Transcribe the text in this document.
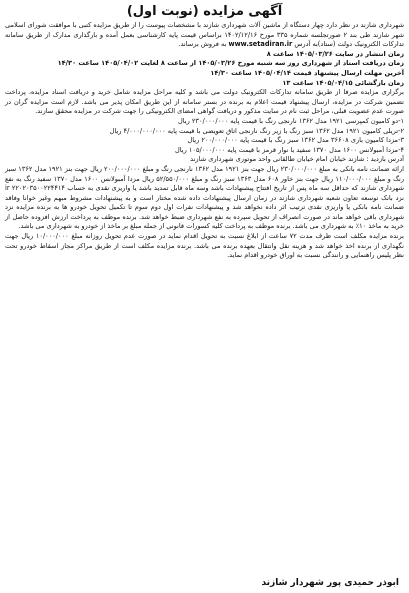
آگهی مزایده (نوبت اول)

شهرداری شازند در نظر دارد چهار دستگاه از ماشین آلات شهرداری شازند با مشخصات پیوست را از طریق مزایده کتبی با موافقت شورای اسلامی شهر شازند طی بند ۲ صورتجلسه شماره ۳۳۵ مورخ ۱۴۰۲/۱۲/۱۶ براساس قیمت پایه کارشناسی بعمل آمده و بارگذاری مدارک از طریق سامانه تدارکات الکترونیک دولت (ستاد)به آدرس www.setadiran.ir به فروش برساند.

زمان انتشار در سایت ۱۴۰۵/۰۳/۲۶ ساعت ۸

زمان دریافت اسناد از شهرداری روز سه شنبه مورخ ۱۴۰۵/۰۳/۲۶ از ساعت ۸ لغایت ۱۴۰۵/۰۴/۰۲ ساعت ۱۴/۳۰

آخرین مهلت ارسال پیشنهاد قیمت ۱۴۰۵/۰۴/۱۴ ساعت ۱۴/۳۰

زمان بازگشائی ۱۴۰۵/۰۴/۱۵ ساعت ۱۳

برگزاری مزایده صرفا از طریق سامانه تدارکات الکترونیک دولت می باشد و کلیه مراحل مزایده شامل خرید و دریافت اسناد مزایده، پرداخت تضمین شرکت در مزایده، ارسال پیشنهاد قیمت اعلام به برنده در بستر سامانه از این طریق امکان پذیر می باشد. لازم است مزایده گران در صورت عدم عضویت قبلی، مراحل ثبت نام در سایت مذکور و دریافت گواهی امضای الکترونیکی را جهت شرکت در مزایده محقق سازند.

۱-دو کامیون کمپرسی ۱۹۲۱ مدل ۱۳۶۲ نارنجی رنگ با قیمت پایه ۲۳۰/۰۰۰/۰۰۰ ریال

۲-تریلی کامیون ۱۹۲۱ مدل ۱۳۶۲ سبز رنگ با زیر رنگ نارنجی اتاق تعویضی با قیمت پایه ۴/۰۰۰/۰۰۰/۰۰۰ ریال

۳-مزدا کامیون باری ۳۶۶۰۸ مدل ۱۳۶۲ سبز رنگ با قیمت پایه ۲۰۰/۰۰۰/۰۰۰ ریال

۴-مزدا آمبولانس ۱۶۰۰ مدل ۱۳۷۰ سفید با نوار قرمز با قیمت پایه ۱۰۵/۰۰۰/۰۰۰ ریال

آدرس بازدید : شازند خیابان امام خیابان طالقانی واحد موتوری شهرداری شازند

ارائه ضمانت نامه بانکی به مبلغ ۲۳۰/۰۰۰/۰۰۰ ریال جهت بنز ۱۹۲۱ مدل ۱۳۶۲ نارنجی رنگ و مبلغ ۲۰۰/۰۰۰/۰۰۰ ریال جهت بنز ۱۹۲۱ مدل ۱۳۶۲ سبز رنگ و مبلغ ۱۱۰/۰۰۰/۰۰۰ ریال جهت بنز خاور ۶۰۸ مدل ۱۳۶۳ سبز رنگ و مبلغ ۵۲/۵۵۰/۰۰۰ ریال مزدا آمبولانس ۱۶۰۰ مدل ۱۳۷۰ سفید رنگ به نفع شهرداری شازند که حداقل سه ماه پس از تاریخ افتتاح پیشنهادات باشد وسه ماه قابل تمدید باشد یا واریزی نقدی به حساب ir ۲۲۰۲۰۳۵۰۰۲۲۴۴۱۴ نزد بانک توسعه تعاون شعبه شهرداری شازند در زمان ارسال پیشنهادات داده شده مختار است و به پیشنهادات مشروط مبهم وغیر خوانا وفاقد ضمانت نامه بانکی یا واریزی نقدی ترتیب اثر داده نخواهد شد و پیشنهادات نفرات اول دوم سوم تا تکمیل تحویل خودرو ها به برنده مزایده نزد شهرداری باقی خواهد ماند در صورت انصراف از تحویل سپرده به نفع شهرداری ضبط خواهد شد. برنده موظف به پرداخت ارزش افزوده حاصل از خرید به ماخذ ۱۰٪ به شهرداری می باشد. برنده موظف به پرداخت کلیه کسورات قانونی از جمله مبلغ بر ماخذ از خودرو به شهرداری می باشد.

برنده مزایده مکلف است ظرف مدت ۷۲ ساعت از ابلاغ نسبت به تحویل اقدام نماید در صورت عدم تحویل روزانه مبلغ ۱۰/۰۰۰/۰۰۰ ریال جهت نگهداری از برنده اخذ خواهد شد و هزینه نقل وانتقال بعهده برنده می باشد. برنده مزایده مکلف است از طریق مراکز مجاز اسقاط خودرو تحت نظر پلیس راهنمایی و رانندگی نسبت به اوراق خودرو اقدام نماید.

ابوذر حمیدی پور شهردار شازند
